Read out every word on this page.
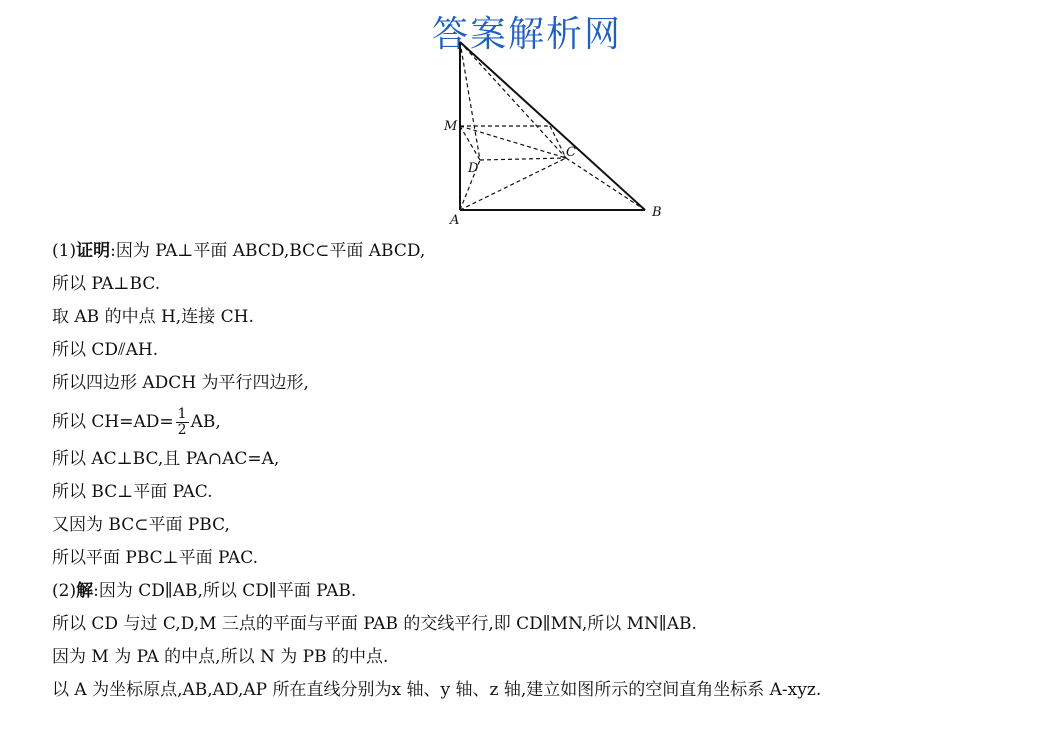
答案解析网
M
D
C
A
B
(1)证明:因为 PA⊥平面 ABCD,BC⊂平面 ABCD,
所以 PA⊥BC.
取 AB 的中点 H,连接 CH.
所以 CD⫽AH.
所以四边形 ADCH 为平行四边形,
所以 $CH=AD= \frac{1}{2}$ AB,
所以 AC⊥BC,且 PA∩AC=A,
所以 BC⊥平面 PAC.
又因为 BC⊂平面 PBC,
所以平面 PBC⊥平面 PAC.
(2)解:因为 CD∥AB,所以 CD∥平面 PAB.
所以 CD 与过 C,D,M 三点的平面与平面 PAB 的交线平行,即 CD∥MN,所以 MN∥AB.
因为 M 为 PA 的中点,所以 N 为 PB 的中点.
以 A 为坐标原点,AB,AD,AP 所在直线分别为x 轴、y 轴、z 轴,建立如图所示的空间直角坐标系 A-xyz.
